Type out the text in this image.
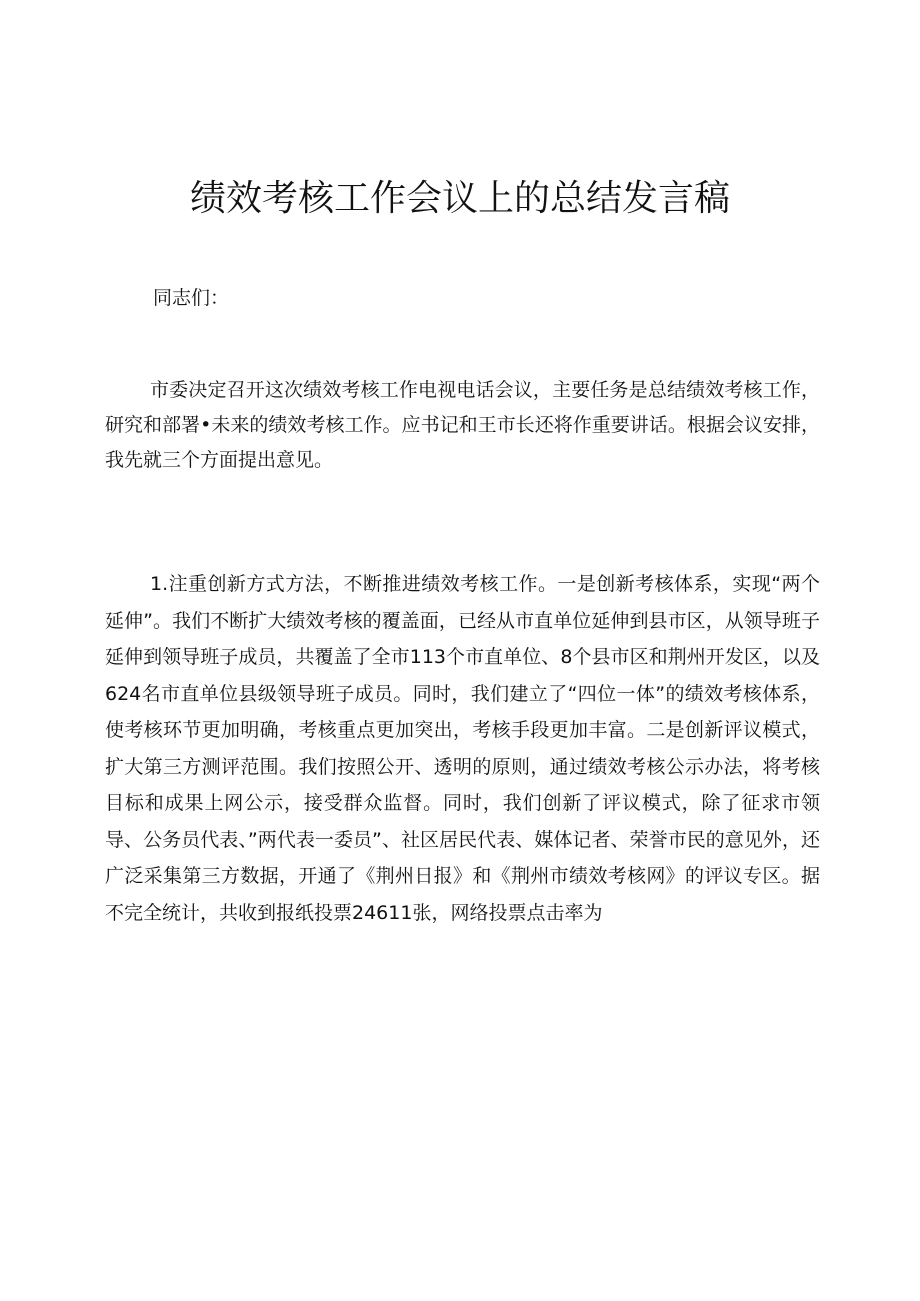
绩效考核工作会议上的总结发言稿
同志们：

市委决定召开这次绩效考核工作电视电话会议，主要任务是总结绩效考核工作，研究和部署•未来的绩效考核工作。应书记和王市长还将作重要讲话。根据会议安排，我先就三个方面提出意见。

1.注重创新方式方法，不断推进绩效考核工作。一是创新考核体系，实现“两个延伸”。我们不断扩大绩效考核的覆盖面，已经从市直单位延伸到县市区，从领导班子延伸到领导班子成员，共覆盖了全市113个市直单位、8个县市区和荆州开发区，以及624名市直单位县级领导班子成员。同时，我们建立了“四位一体”的绩效考核体系，使考核环节更加明确，考核重点更加突出，考核手段更加丰富。二是创新评议模式，扩大第三方测评范围。我们按照公开、透明的原则，通过绩效考核公示办法，将考核目标和成果上网公示，接受群众监督。同时，我们创新了评议模式，除了征求市领导、公务员代表、”两代表一委员”、社区居民代表、媒体记者、荣誉市民的意见外，还广泛采集第三方数据，开通了《荆州日报》和《荆州市绩效考核网》的评议专区。据不完全统计，共收到报纸投票24611张，网络投票点击率为
